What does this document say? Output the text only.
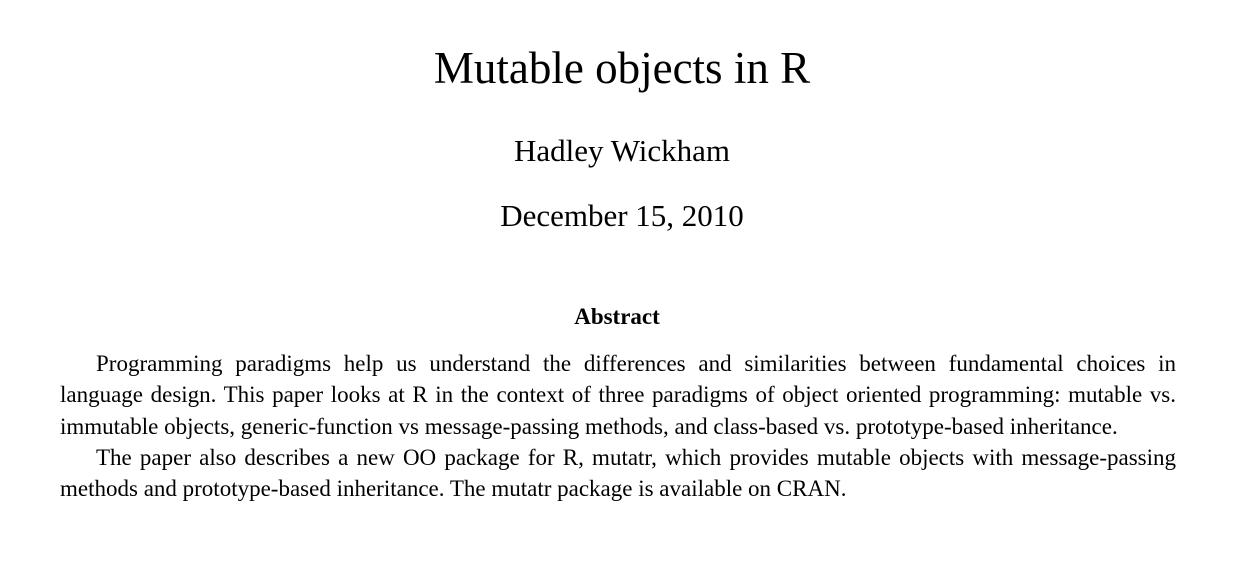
Mutable objects in R
Hadley Wickham
December 15, 2010
Abstract

Programming paradigms help us understand the differences and similarities between fundamental choices in language design. This paper looks at R in the context of three paradigms of object oriented programming: mutable vs. immutable objects, generic-function vs message-passing methods, and class-based vs. prototype-based inheritance.

The paper also describes a new OO package for R, mutatr, which provides mutable objects with message-passing methods and prototype-based inheritance. The mutatr package is available on CRAN.
